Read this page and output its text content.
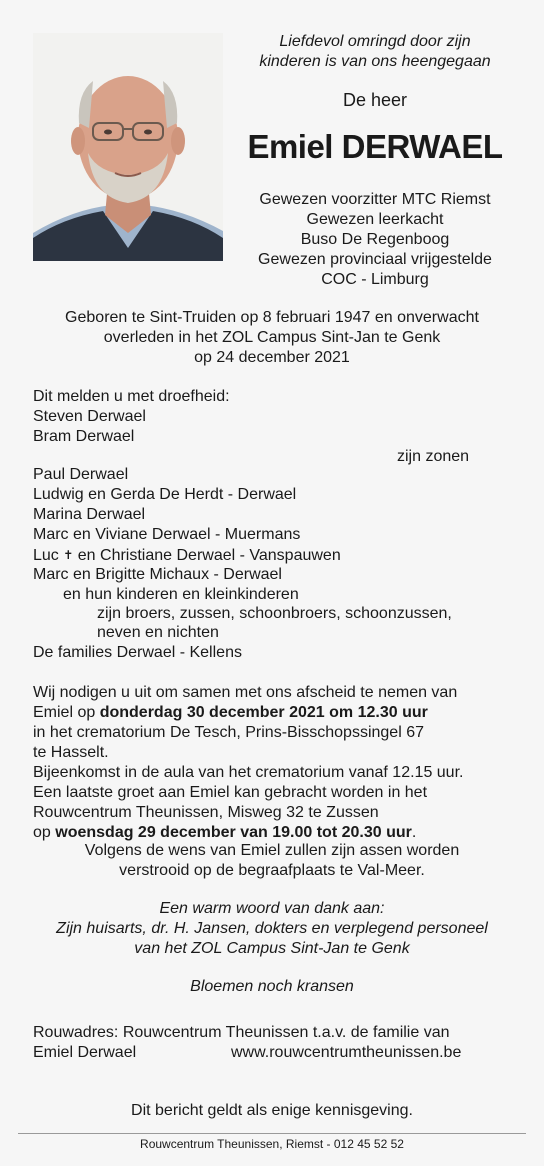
Liefdevol omringd door zijn
kinderen is van ons heengegaan
De heer
Emiel DERWAEL
Gewezen voorzitter MTC Riemst
Gewezen leerkacht
Buso De Regenboog
Gewezen provinciaal vrijgestelde
COC - Limburg
Geboren te Sint-Truiden op 8 februari 1947 en onverwacht
overleden in het ZOL Campus Sint-Jan te Genk
op 24 december 2021
Dit melden u met droefheid:
Steven Derwael
Bram Derwael
zijn zonen
Paul Derwael
Ludwig en Gerda De Herdt - Derwael
Marina Derwael
Marc en Viviane Derwael - Muermans
Luc ✝ en Christiane Derwael - Vanspauwen
Marc en Brigitte Michaux - Derwael
en hun kinderen en kleinkinderen
zijn broers, zussen, schoonbroers, schoonzussen,
neven en nichten
De families Derwael - Kellens
Wij nodigen u uit om samen met ons afscheid te nemen van
Emiel op donderdag 30 december 2021 om 12.30 uur
in het crematorium De Tesch, Prins-Bisschopssingel 67
te Hasselt.
Bijeenkomst in de aula van het crematorium vanaf 12.15 uur.
Een laatste groet aan Emiel kan gebracht worden in het
Rouwcentrum Theunissen, Misweg 32 te Zussen
op woensdag 29 december van 19.00 tot 20.30 uur.
Volgens de wens van Emiel zullen zijn assen worden
verstrooid op de begraafplaats te Val-Meer.
Een warm woord van dank aan:
Zijn huisarts, dr. H. Jansen, dokters en verplegend personeel
van het ZOL Campus Sint-Jan te Genk
Bloemen noch kransen
Rouwadres: Rouwcentrum Theunissen t.a.v. de familie van
Emiel Derwael	www.rouwcentrumtheunissen.be
Dit bericht geldt als enige kennisgeving.
Rouwcentrum Theunissen, Riemst - 012 45 52 52
